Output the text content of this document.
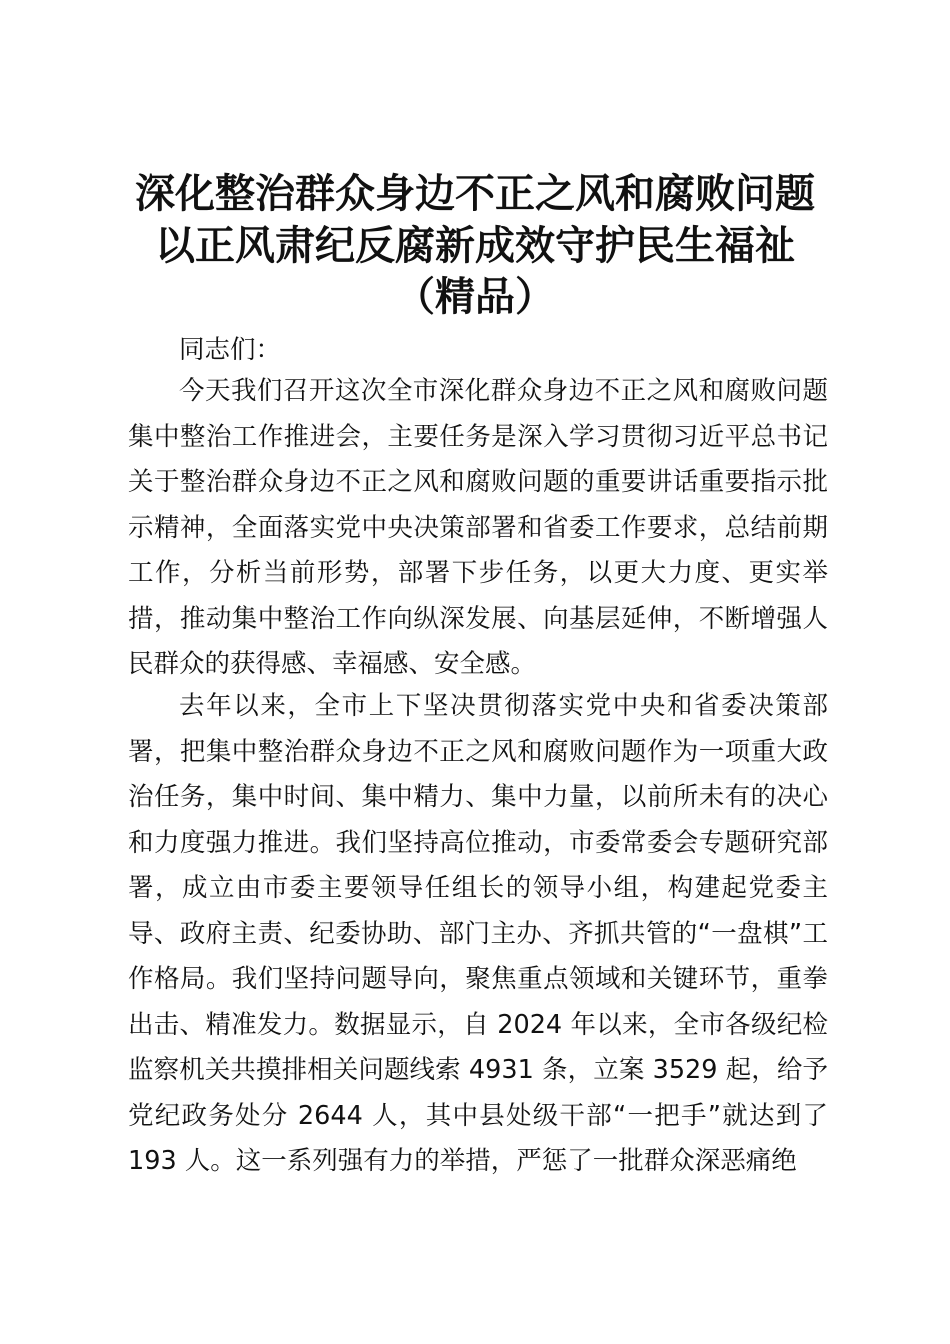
深化整治群众身边不正之风和腐败问题
以正风肃纪反腐新成效守护民生福祉
（精品）
同志们：
今天我们召开这次全市深化群众身边不正之风和腐败问题集中整治工作推进会，主要任务是深入学习贯彻习近平总书记关于整治群众身边不正之风和腐败问题的重要讲话重要指示批示精神，全面落实党中央决策部署和省委工作要求，总结前期工作，分析当前形势，部署下步任务，以更大力度、更实举措，推动集中整治工作向纵深发展、向基层延伸，不断增强人民群众的获得感、幸福感、安全感。
去年以来，全市上下坚决贯彻落实党中央和省委决策部署，把集中整治群众身边不正之风和腐败问题作为一项重大政治任务，集中时间、集中精力、集中力量，以前所未有的决心和力度强力推进。我们坚持高位推动，市委常委会专题研究部署，成立由市委主要领导任组长的领导小组，构建起党委主导、政府主责、纪委协助、部门主办、齐抓共管的“一盘棋”工作格局。我们坚持问题导向，聚焦重点领域和关键环节，重拳出击、精准发力。数据显示，自 2024 年以来，全市各级纪检监察机关共摸排相关问题线索 4931 条，立案 3529 起，给予党纪政务处分 2644 人，其中县处级干部“一把手”就达到了 193 人。这一系列强有力的举措，严惩了一批群众深恶痛绝
